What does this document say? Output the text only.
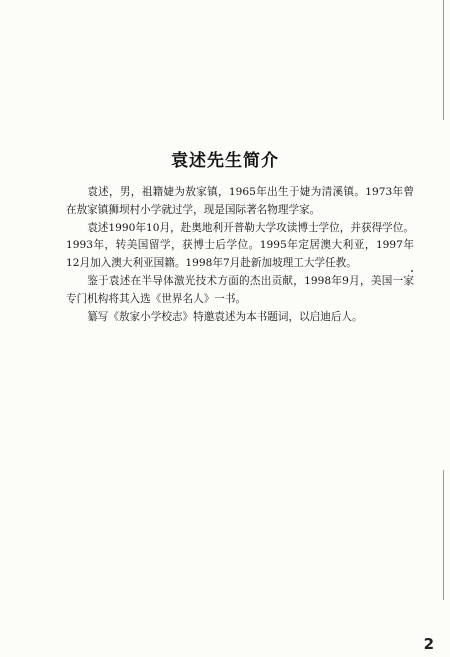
袁述先生简介

袁述，男，祖籍婕为敖家镇，1965年出生于婕为清溪镇。1973年曾在敖家镇狮坝村小学就过学，现是国际著名物理学家。

袁述1990年10月，赴奥地利开普勒大学攻读博士学位，并获得学位。1993年，转美国留学，获博士后学位。1995年定居澳大利亚，1997年12月加入澳大利亚国籍。1998年7月赴新加坡理工大学任教。

鉴于袁述在半导体激光技术方面的杰出贡献，1998年9月，美国一家专门机构将其入选《世界名人》一书。

纂写《敖家小学校志》特邀袁述为本书题词，以启迪后人。

2
